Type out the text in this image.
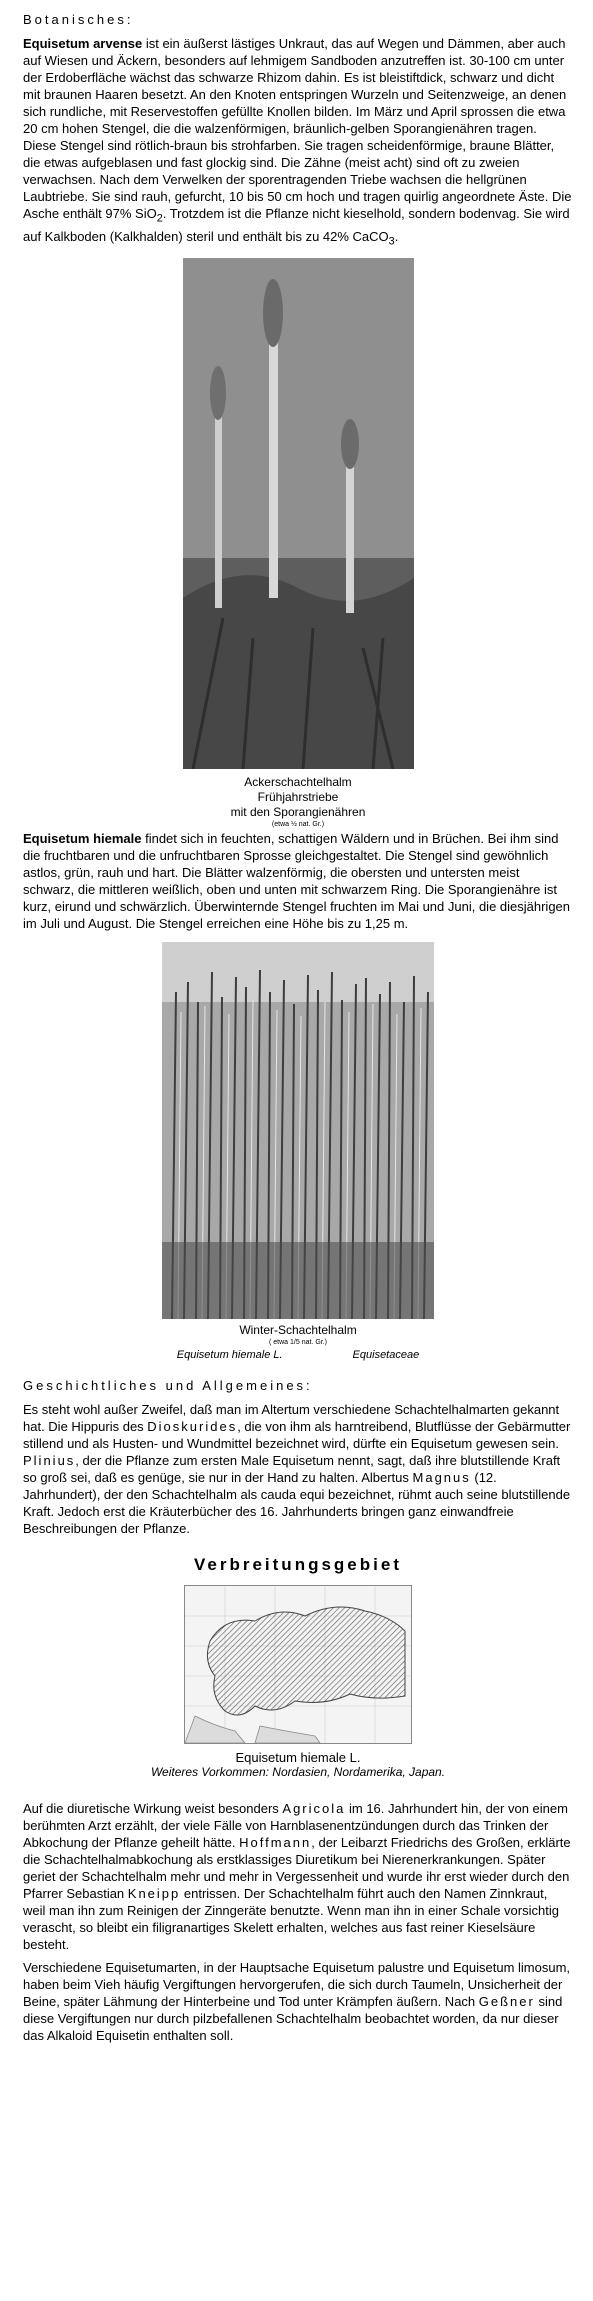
Botanisches:

Equisetum arvense ist ein äußerst lästiges Unkraut, das auf Wegen und Dämmen, aber auch auf Wiesen und Äckern, besonders auf lehmigem Sandboden anzutreffen ist. 30-100 cm unter der Erdoberfläche wächst das schwarze Rhizom dahin. Es ist bleistiftdick, schwarz und dicht mit braunen Haaren besetzt. An den Knoten entspringen Wurzeln und Seitenzweige, an denen sich rundliche, mit Reservestoffen gefüllte Knollen bilden. Im März und April sprossen die etwa 20 cm hohen Stengel, die die walzenförmigen, bräunlich-gelben Sporangienähren tragen. Diese Stengel sind rötlich-braun bis strohfarben. Sie tragen scheidenförmige, braune Blätter, die etwas aufgeblasen und fast glockig sind. Die Zähne (meist acht) sind oft zu zweien verwachsen. Nach dem Verwelken der sporentragenden Triebe wachsen die hellgrünen Laubtriebe. Sie sind rauh, gefurcht, 10 bis 50 cm hoch und tragen quirlig angeordnete Äste. Die Asche enthält 97% SiO$_2$. Trotzdem ist die Pflanze nicht kieselhold, sondern bodenvag. Sie wird auf Kalkboden (Kalkhalden) steril und enthält bis zu 42% CaCO$_3$.

Ackerschachtelhalm
Frühjahrstriebe
mit den Sporangienähren
(etwa ½ nat. Gr.)

Equisetum hiemale findet sich in feuchten, schattigen Wäldern und in Brüchen. Bei ihm sind die fruchtbaren und die unfruchtbaren Sprosse gleichgestaltet. Die Stengel sind gewöhnlich astlos, grün, rauh und hart. Die Blätter walzenförmig, die obersten und untersten meist schwarz, die mittleren weißlich, oben und unten mit schwarzem Ring. Die Sporangienähre ist kurz, eirund und schwärzlich. Überwinternde Stengel fruchten im Mai und Juni, die diesjährigen im Juli und August. Die Stengel erreichen eine Höhe bis zu 1,25 m.

Winter-Schachtelhalm
( etwa 1/5 nat. Gr.)
Equisetum hiemale L.	Equisetaceae
Geschichtliches und Allgemeines:

Es steht wohl außer Zweifel, daß man im Altertum verschiedene Schachtelhalmarten gekannt hat. Die Hippuris des Dioskurides, die von ihm als harntreibend, Blutflüsse der Gebärmutter stillend und als Husten- und Wundmittel bezeichnet wird, dürfte ein Equisetum gewesen sein. Plinius, der die Pflanze zum ersten Male Equisetum nennt, sagt, daß ihre blutstillende Kraft so groß sei, daß es genüge, sie nur in der Hand zu halten. Albertus Magnus (12. Jahrhundert), der den Schachtelhalm als cauda equi bezeichnet, rühmt auch seine blutstillende Kraft. Jedoch erst die Kräuterbücher des 16. Jahrhunderts bringen ganz einwandfreie Beschreibungen der Pflanze.

Verbreitungsgebiet
Equisetum hiemale L.
Weiteres Vorkommen: Nordasien, Nordamerika, Japan.

Auf die diuretische Wirkung weist besonders Agricola im 16. Jahrhundert hin, der von einem berühmten Arzt erzählt, der viele Fälle von Harnblasenentzündungen durch das Trinken der Abkochung der Pflanze geheilt hätte. Hoffmann, der Leibarzt Friedrichs des Großen, erklärte die Schachtelhalmabkochung als erstklassiges Diuretikum bei Nierenerkrankungen. Später geriet der Schachtelhalm mehr und mehr in Vergessenheit und wurde ihr erst wieder durch den Pfarrer Sebastian Kneipp entrissen. Der Schachtelhalm führt auch den Namen Zinnkraut, weil man ihn zum Reinigen der Zinngeräte benutzte. Wenn man ihn in einer Schale vorsichtig verascht, so bleibt ein filigranartiges Skelett erhalten, welches aus fast reiner Kieselsäure besteht.

Verschiedene Equisetumarten, in der Hauptsache Equisetum palustre und Equisetum limosum, haben beim Vieh häufig Vergiftungen hervorgerufen, die sich durch Taumeln, Unsicherheit der Beine, später Lähmung der Hinterbeine und Tod unter Krämpfen äußern. Nach Geßner sind diese Vergiftungen nur durch pilzbefallenen Schachtelhalm beobachtet worden, da nur dieser das Alkaloid Equisetin enthalten soll.
